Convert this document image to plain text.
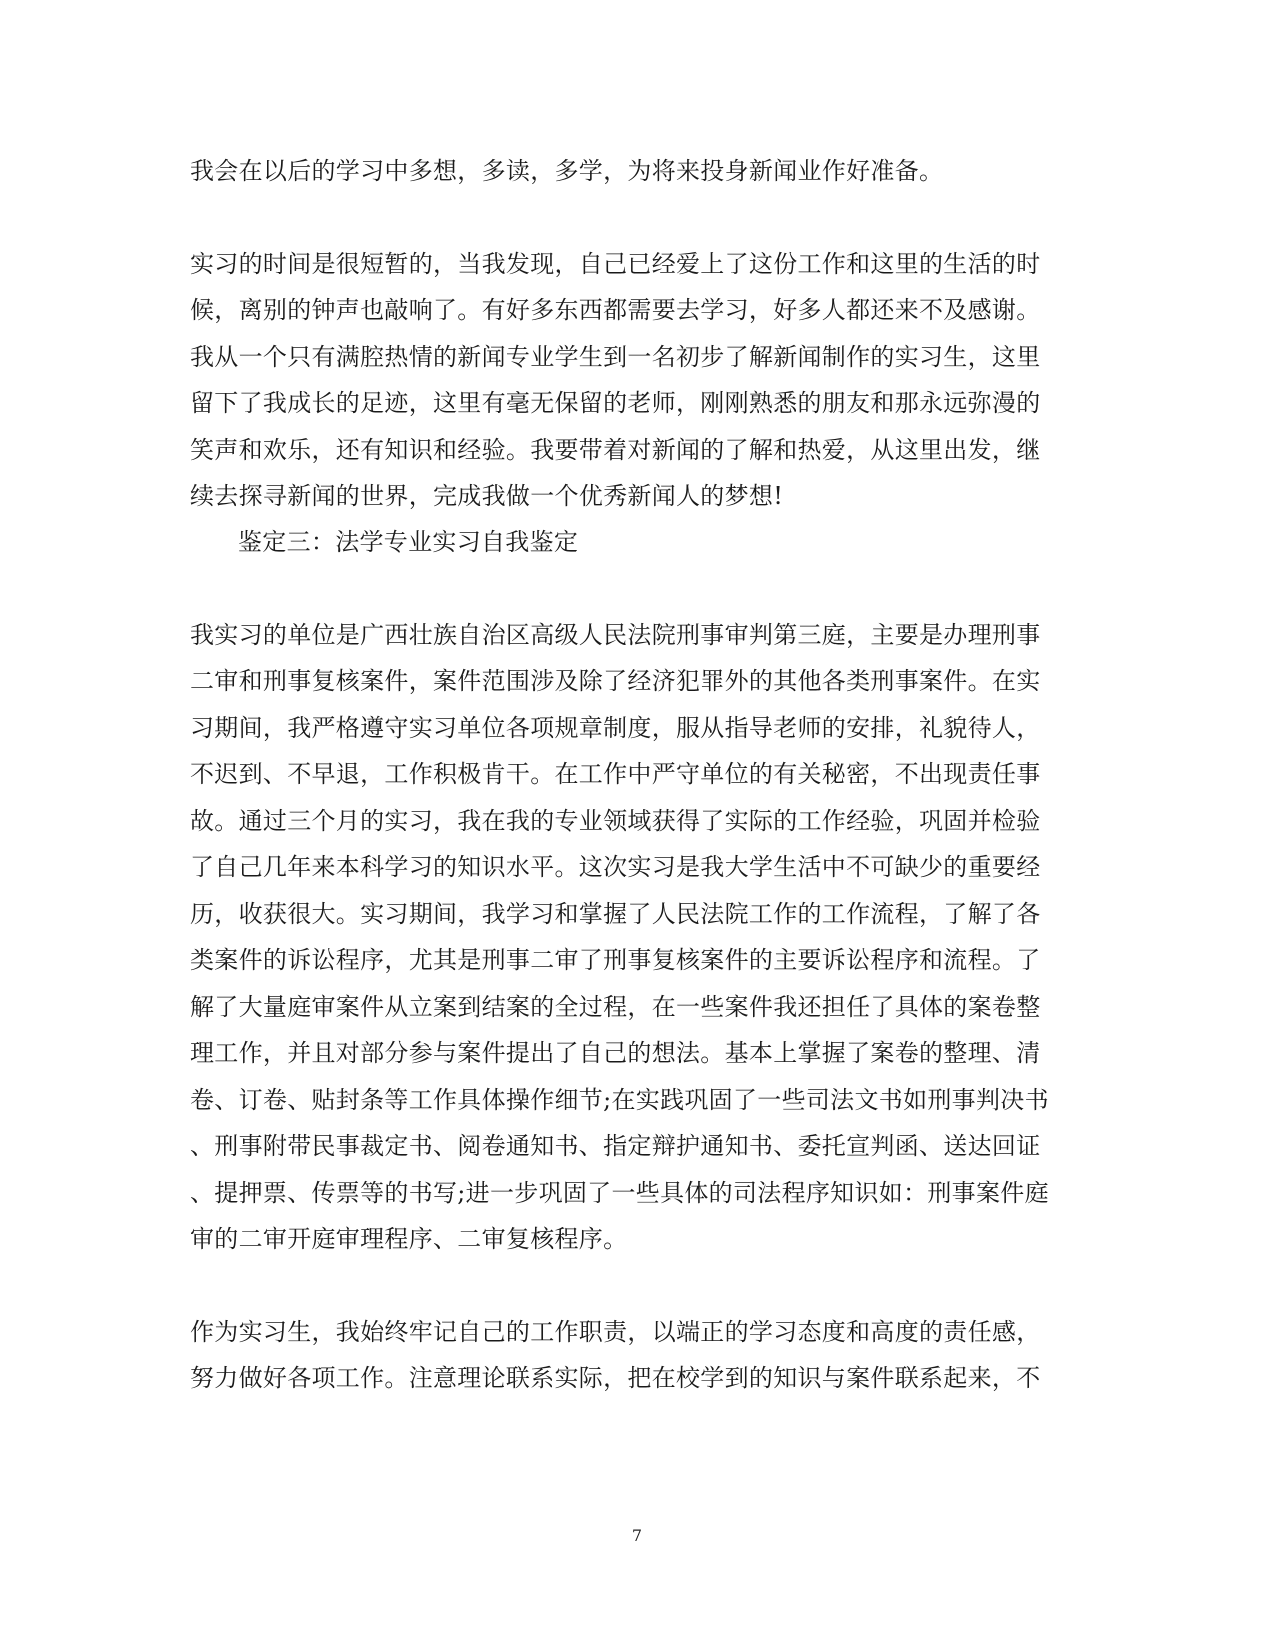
我会在以后的学习中多想，多读，多学，为将来投身新闻业作好准备。
实习的时间是很短暂的，当我发现，自己已经爱上了这份工作和这里的生活的时
候，离别的钟声也敲响了。有好多东西都需要去学习，好多人都还来不及感谢。
我从一个只有满腔热情的新闻专业学生到一名初步了解新闻制作的实习生，这里
留下了我成长的足迹，这里有毫无保留的老师，刚刚熟悉的朋友和那永远弥漫的
笑声和欢乐，还有知识和经验。我要带着对新闻的了解和热爱，从这里出发，继
续去探寻新闻的世界，完成我做一个优秀新闻人的梦想!
鉴定三：法学专业实习自我鉴定
我实习的单位是广西壮族自治区高级人民法院刑事审判第三庭，主要是办理刑事
二审和刑事复核案件，案件范围涉及除了经济犯罪外的其他各类刑事案件。在实
习期间，我严格遵守实习单位各项规章制度，服从指导老师的安排，礼貌待人，
不迟到、不早退，工作积极肯干。在工作中严守单位的有关秘密，不出现责任事
故。通过三个月的实习，我在我的专业领域获得了实际的工作经验，巩固并检验
了自己几年来本科学习的知识水平。这次实习是我大学生活中不可缺少的重要经
历，收获很大。实习期间，我学习和掌握了人民法院工作的工作流程，了解了各
类案件的诉讼程序，尤其是刑事二审了刑事复核案件的主要诉讼程序和流程。了
解了大量庭审案件从立案到结案的全过程，在一些案件我还担任了具体的案卷整
理工作，并且对部分参与案件提出了自己的想法。基本上掌握了案卷的整理、清
卷、订卷、贴封条等工作具体操作细节;在实践巩固了一些司法文书如刑事判决书
、刑事附带民事裁定书、阅卷通知书、指定辩护通知书、委托宣判函、送达回证
、提押票、传票等的书写;进一步巩固了一些具体的司法程序知识如：刑事案件庭
审的二审开庭审理程序、二审复核程序。
作为实习生，我始终牢记自己的工作职责，以端正的学习态度和高度的责任感，
努力做好各项工作。注意理论联系实际，把在校学到的知识与案件联系起来，不
7
